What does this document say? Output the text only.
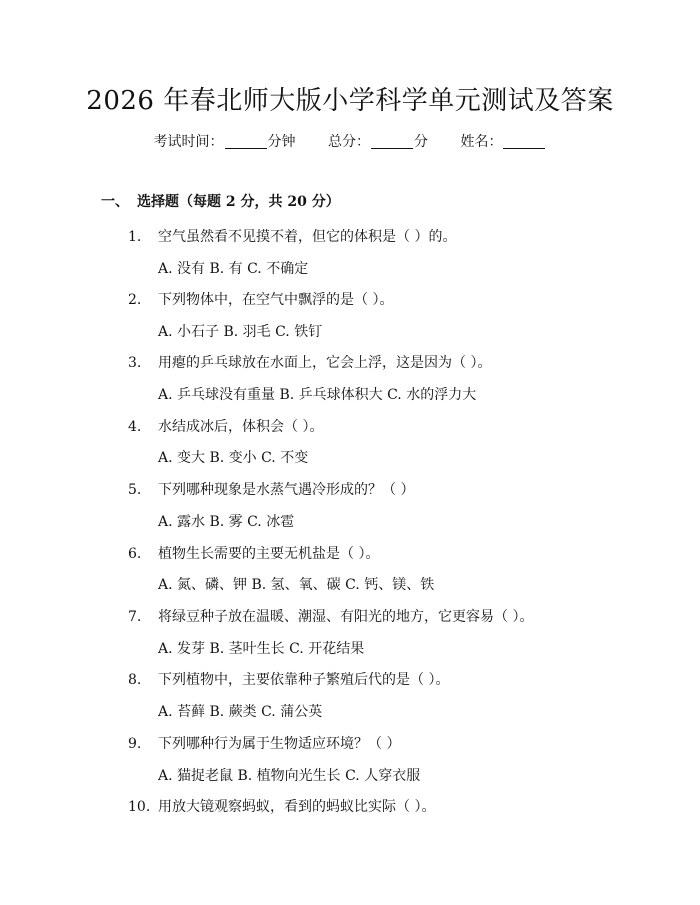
2026 年春北师大版小学科学单元测试及答案
考试时间：	分钟 总分：	分 姓名：
一、 选择题（每题 2 分，共 20 分）
1. 空气虽然看不见摸不着，但它的体积是（ ）的。
A. 没有 B. 有 C. 不确定
2. 下列物体中，在空气中飘浮的是（ ）。
A. 小石子 B. 羽毛 C. 铁钉
3. 用瘪的乒乓球放在水面上，它会上浮，这是因为（ ）。
A. 乒乓球没有重量 B. 乒乓球体积大 C. 水的浮力大
4. 水结成冰后，体积会（ ）。
A. 变大 B. 变小 C. 不变
5. 下列哪种现象是水蒸气遇冷形成的？（ ）
A. 露水 B. 雾 C. 冰雹
6. 植物生长需要的主要无机盐是（ ）。
A. 氮、磷、钾 B. 氢、氧、碳 C. 钙、镁、铁
7. 将绿豆种子放在温暖、潮湿、有阳光的地方，它更容易（ ）。
A. 发芽 B. 茎叶生长 C. 开花结果
8. 下列植物中，主要依靠种子繁殖后代的是（ ）。
A. 苔藓 B. 蕨类 C. 蒲公英
9. 下列哪种行为属于生物适应环境？（ ）
A. 猫捉老鼠 B. 植物向光生长 C. 人穿衣服
10. 用放大镜观察蚂蚁，看到的蚂蚁比实际（ ）。
